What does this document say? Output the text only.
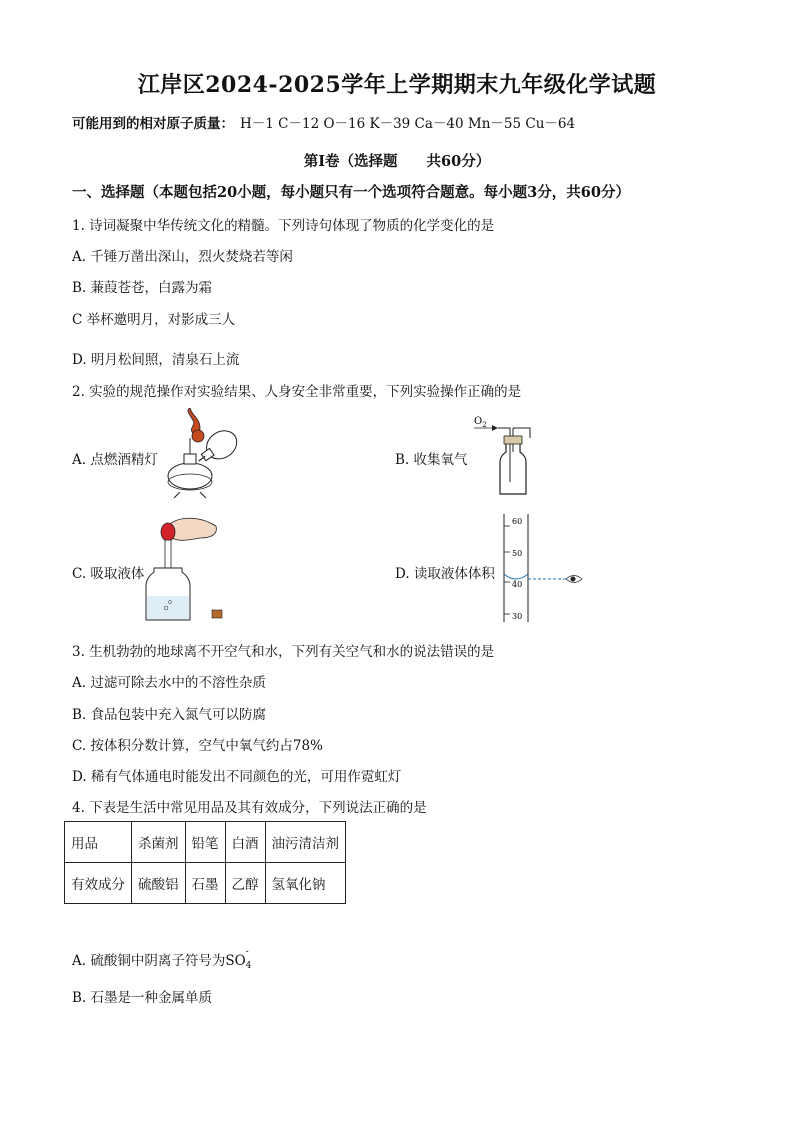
江岸区2024-2025学年上学期期末九年级化学试题
可能用到的相对原子质量： H－1 C－12 O－16 K－39 Ca－40 Mn－55 Cu－64
第Ⅰ卷（选择题　　共60分）
一、选择题（本题包括20小题，每小题只有一个选项符合题意。每小题3分，共60分）
1. 诗词凝聚中华传统文化的精髓。下列诗句体现了物质的化学变化的是
A. 千锤万凿出深山，烈火焚烧若等闲
B. 蒹葭苍苍，白露为霜
C 举杯邀明月，对影成三人
D. 明月松间照，清泉石上流
2. 实验的规范操作对实验结果、人身安全非常重要，下列实验操作正确的是
A. 点燃酒精灯	B. 收集氧气
C. 吸取液体	D. 读取液体体积
$O_2$
60
50
40
30
3. 生机勃勃的地球离不开空气和水，下列有关空气和水的说法错误的是
A. 过滤可除去水中的不溶性杂质
B. 食品包装中充入氮气可以防腐
C. 按体积分数计算，空气中氧气约占78%
D. 稀有气体通电时能发出不同颜色的光，可用作霓虹灯
4. 下表是生活中常见用品及其有效成分，下列说法正确的是
用品	杀菌剂	铅笔	白酒	油污清洁剂
有效成分	硫酸铝	石墨	乙醇	氢氧化钠
A. 硫酸铜中阴离子符号为SO
-
4
B. 石墨是一种金属单质
